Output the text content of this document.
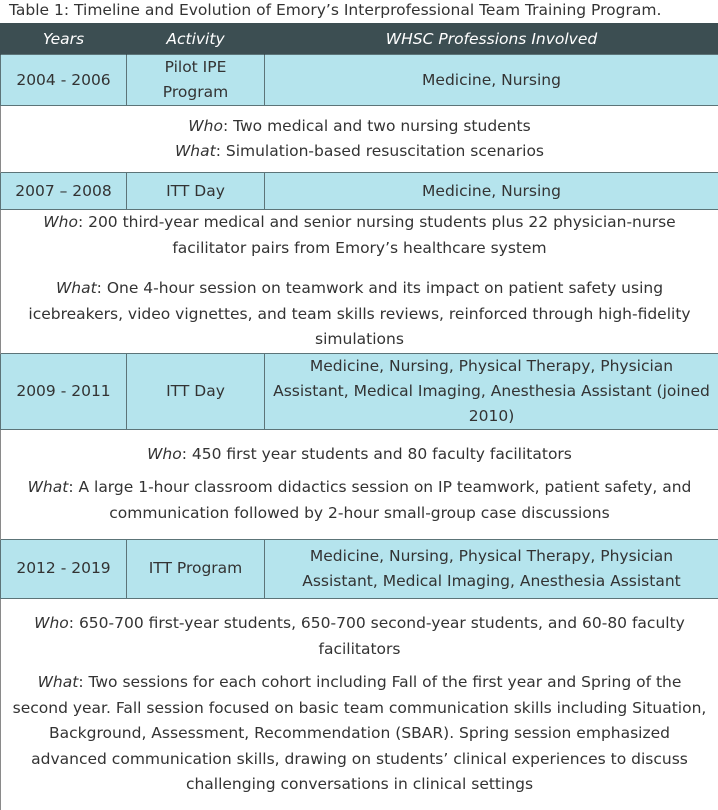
Table 1: Timeline and Evolution of Emory’s Interprofessional Team Training Program.
Years	Activity	WHSC Professions Involved
2004 - 2006	Pilot IPE Program	Medicine, Nursing

Who: Two medical and two nursing students

What: Simulation-based resuscitation scenarios		

2007 – 2008	ITT Day	Medicine, Nursing

Who: 200 third-year medical and senior nursing students plus 22 physician-nurse facilitator pairs from Emory’s healthcare system

What: One 4-hour session on teamwork and its impact on patient safety using icebreakers, video vignettes, and team skills reviews, reinforced through high-fidelity simulations		

2009 - 2011	ITT Day	Medicine, Nursing, Physical Therapy, Physician Assistant, Medical Imaging, Anesthesia Assistant (joined 2010)

Who: 450 first year students and 80 faculty facilitators

What: A large 1-hour classroom didactics session on IP teamwork, patient safety, and communication followed by 2-hour small-group case discussions		

2012 - 2019	ITT Program	Medicine, Nursing, Physical Therapy, Physician Assistant, Medical Imaging, Anesthesia Assistant

Who: 650-700 first-year students, 650-700 second-year students, and 60-80 faculty facilitators

What: Two sessions for each cohort including Fall of the first year and Spring of the second year. Fall session focused on basic team communication skills including Situation, Background, Assessment, Recommendation (SBAR). Spring session emphasized advanced communication skills, drawing on students’ clinical experiences to discuss challenging conversations in clinical settings		
